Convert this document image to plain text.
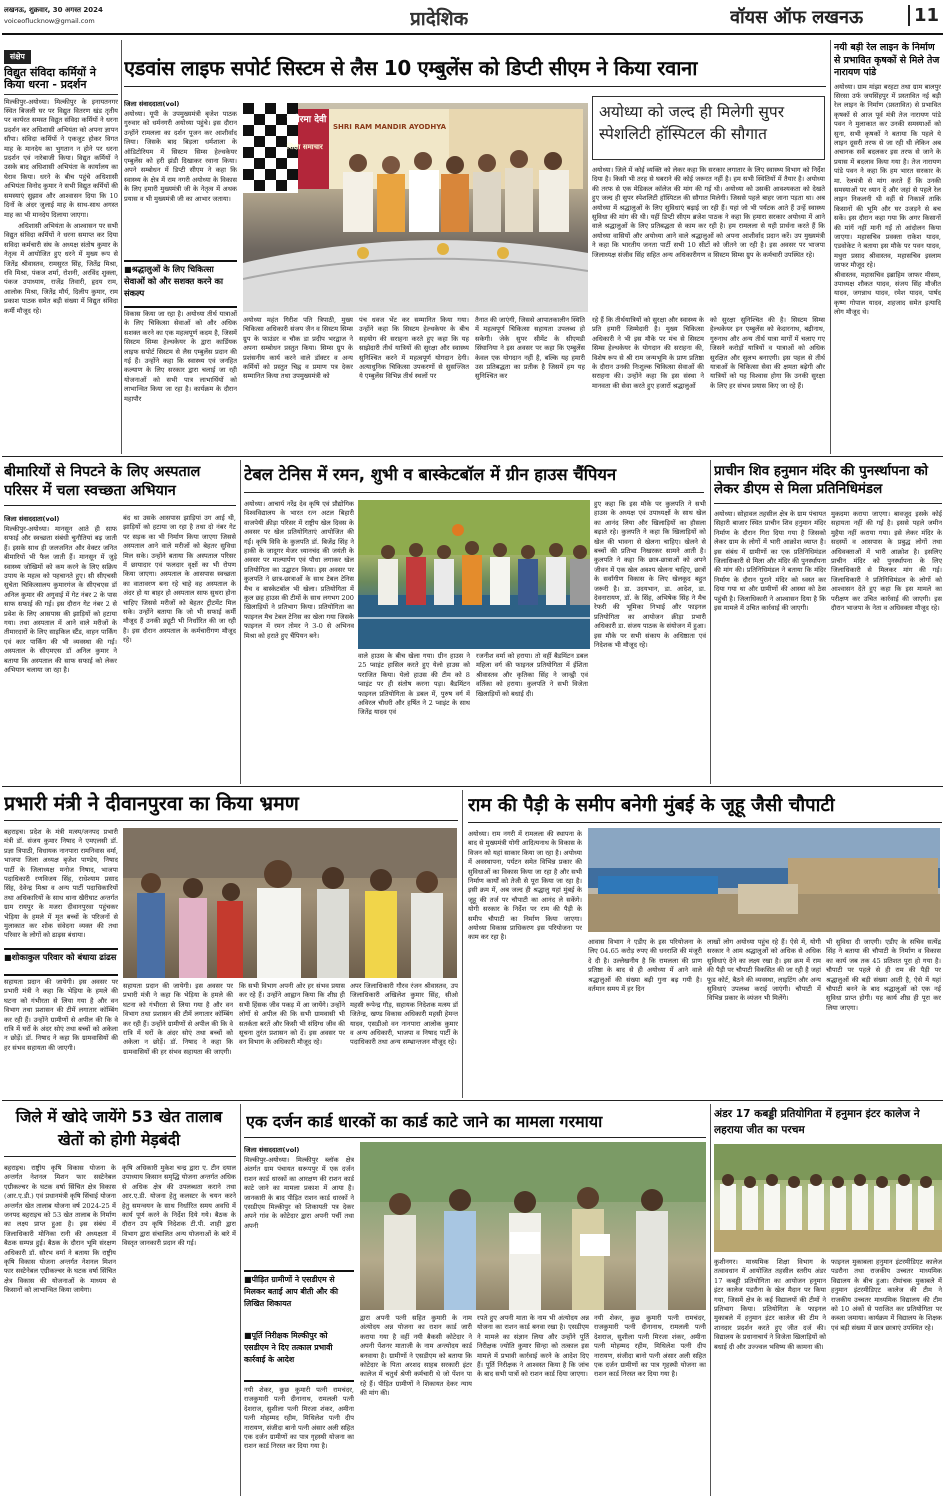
लखनऊ, शुक्रवार, 30 अगस्त 2024
voiceoflucknow@gmail.com	प्रादेशिक	वॉयस ऑफ लखनऊ	11
संक्षेप
विद्युत संविदा कर्मियों ने किया धरना - प्रदर्शन
मिल्कीपुर-अयोध्या। मिल्कीपुर के इनायतनगर स्थित बिजली घर पर विद्युत वितरण खंड तृतीय पर कार्यरत समस्त विद्युत संविदा कर्मियों ने धरना प्रदर्शन कर अधिशासी अभियंता को अपना ज्ञापन सौंपा। संविदा कर्मियों ने एकजुट होकर विगत माह के मानदेय का भुगतान न होने पर धरना प्रदर्शन एवं नारेबाजी किया। विद्युत कर्मियों ने उसके बाद अधिशासी अभियंता के कार्यालय का घेराव किया। धरने के बीच पहुंचे अधिशासी अभियंता विनोद कुमार ने सभी विद्युत कर्मियों की समस्याएं सुझाव और आश्वासन दिया कि 10 दिनों के अंदर जुलाई माह के साथ-साथ अगस्त माह का भी मानदेय दिलाया जाएगा।
अधिशासी अभियंता के आश्वासन पर सभी विद्युत संविदा कर्मियों ने धरना समाप्त कर दिया सविदा कर्मचारी संघ के अध्यक्ष संतोष कुमार के नेतृत्व में आयोजित हुए धरने में मुख्य रूप से जितेंद्र श्रीवास्तव, रामसुरत सिंह, जितेंद्र मिश्रा, रवि मिश्रा, पंकज शर्मा, रोशनी, अरविंद शुक्ला, पंकज उपाध्याय, राजेंद्र तिवारी, हृदय राम, आलोक मिश्रा, जितेंद्र मौर्य, दिलीप कुमार, राम प्रकाश पाठक समेत बड़ी संख्या में विद्युत संविदा कर्मी मौजूद रहे।
एडवांस लाइफ सपोर्ट सिस्टम से लैस 10 एम्बुलेंस को डिप्टी सीएम ने किया रवाना
जिला संवाददाता(vol)
अयोध्या। यूपी के उपमुख्यमंत्री बृजेश पाठक गुरुवार को धर्मनगरी अयोध्या पहुंचे। इस दौरान उन्होंने रामलला का दर्शन पूजन कर आशीर्वाद लिया। जिसके बाद बिड़ला धर्मशाला के ऑडिटोरियम में सिस्टम सिम्स हेल्थकेयर एम्बुलेंस को हरी झंडी दिखाकर रवाना किया। अपने सम्बोधन में डिप्टी सीएम ने कहा कि स्वास्थ्य के क्षेत्र में राम नगरी अयोध्या के विकास के लिए हमारी मुख्यमंत्री जी के नेतृत्व में अथक प्रयास व भी मुख्यमंत्री जी का आभार जताया।
विकास किया जा रहा है। अयोध्या तीर्थ यात्राओं के लिए चिकित्सा सेवाओं को और अधिक सशक्त करने का एक महत्वपूर्ण कदम है, जिसमें सिस्टम सिम्स हेल्थकेयर के द्वारा कार्डियक लाइफ सपोर्ट सिस्टम से लैस एम्बुलेंस प्रदान की गई हैं। उन्होंने कहा कि स्वास्थ्य एवं जनहित कल्याण के लिए सरकार द्वारा चलाई जा रही योजनाओं को सभी पात्र लाभार्थियों को लाभान्वित किया जा रहा है। कार्यक्रम के दौरान महापौर
■श्रद्धालुओं के लिए चिकित्सा सेवाओं को और सशक्त करने का संकल्प
मनोरमा देवी
शिक्षा समाचार
SHRI RAM MANDIR AYODHYA
अयोध्या महंत गिरीश पति त्रिपाठी, मुख्य चिकित्सा अधिकारी संजय जैन व सिस्टम सिम्स ग्रुप के फाउंडर व चौक डा प्रदीप भरद्वाज ने अपना सम्बोधन प्रस्तुत किया। सिम्स ग्रुप के प्रशंसनीय कार्य करने वाले डॉक्टर व अन्य कर्मियों को प्रस्तुत चिह्न व प्रमाण पत्र देकर सम्मानित किया तथा उपमुख्यमंत्री को
पंच धवज भेंट कर सम्मानित किया गया। उन्होंने कहा कि सिस्टम हेल्थकेयर के बीच सहयोग की सराहना करते हुए कहा कि यह साझेदारी तीर्थ यात्रियों की सुरक्षा और स्वास्थ्य सुनिश्चित करने में महत्वपूर्ण योगदान देगी। अत्याधुनिक चिकित्सा उपकरणों से सुसज्जित ये एम्बुलेंस विभिन्न तीर्थ स्थलों पर
तैनात की जाएंगी, जिससे आपातकालीन स्थिति में महत्वपूर्ण चिकित्सा सहायता उपलब्ध हो सकेगी। जेके सुपर सीमेंट के सीएमडी सिंघानिया ने इस अवसर पर कहा कि एम्बुलेंस केवल एक योगदान नहीं है, बल्कि यह हमारी उस प्रतिबद्धता का प्रतीक है जिसमें हम यह सुनिश्चित कर
अयोध्या को जल्द ही मिलेगी सुपर स्पेशलिटी हॉस्पिटल की सौगात
अयोध्या। जिले में कोई व्यक्ति को लेकर कहा कि सरकार लगातार के लिए स्वास्थ्य विभाग को निर्देश दिया है। किसी भी तरह से घबराने की कोई जरूरत नहीं है। हम सभी स्थितियों में तैयार है। अयोध्या की तरफ से एक मेडिकल कॉलेज की मांग की गई थी। अयोध्या को उसकी आवश्यकता को देखते हुए जल्द ही सुपर स्पेशलिटी हॉस्पिटल की सौगात मिलेगी। जिससे पहले बाहर जाना पड़ता था। अब अयोध्या में श्रद्धालुओं के लिए सुविधाएं बढ़ाई जा रही हैं। यहां जो भी पर्यटक आते हैं उन्हें स्वास्थ्य सुविधा की मांग की थी। यहीं डिप्टी सीएम ब्रजेश पाठक ने कहा कि हमारा सरकार अयोध्या में आने वाले श्रद्धालुओं के लिए प्रतिबद्धता से काम कर रही है। हम रामलला से यही प्रार्थना करते हैं कि अयोध्या वासियों और अयोध्या आने वाले श्रद्धालुओं को अपना आशीर्वाद प्रदान करें। उप मुख्यमंत्री ने कहा कि भारतीय जनता पार्टी सभी 10 सीटों को जीतने जा रही है। इस अवसर पर भाजपा जिलाध्यक्ष संजीव सिंह सहित अन्य अधिकारीगण व सिस्टम सिम्स ग्रुप के कर्मचारी उपस्थित रहे।
रहे हैं कि तीर्थयात्रियों को सुरक्षा और स्वास्थ्य के प्रति हमारी जिम्मेदारी है। मुख्य चिकित्सा अधिकारी ने भी इस मौके पर मंच से सिस्टम सिम्स हेल्थकेयर के योगदान की सराहना की, विशेष रूप से श्री राम जन्मभूमि के प्राण प्रतिष्ठा के दौरान उनकी निःशुल्क चिकित्सा सेवाओं की सराहना की। उन्होंने कहा कि इस संस्था ने मानवता की सेवा करते हुए हजारों श्रद्धालुओं
को सुरक्षा सुनिश्चित की है। सिस्टम सिम्स हेल्थकेयर इन एम्बुलेंस को केदारनाथ, बद्रीनाथ, गुरुनाथ और अन्य तीर्थ यात्रा मार्गों में चलाए गए जिसने करोड़ों यात्रियों व यात्राओं को अधिक सुरक्षित और सुलभ बनाएगी। इस पहल से तीर्थ यात्राओं के चिकित्सा सेवा की क्षमता बढ़ेगी और यात्रियों को यह विश्वास होगा कि उनकी सुरक्षा के लिए हर संभव प्रयास किए जा रहे हैं।
नयी बड़ी रेल लाइन के निर्माण से प्रभावित कृषकों से मिले तेज नारायण पांडे
अयोध्या। ग्राम मांझा बरहटा तथा ग्राम बालपुर सिरसा उर्फ जयसिंहपुर में प्रस्तावित नई बड़ी रेल लाइन के निर्माण (प्रस्तावित) से प्रभावित कृषकों से आज पूर्व मंत्री तेज नारायण पांडे पवन ने मुलाकात कर उनकी समस्याओं को सुना, सभी कृषकों ने बताया कि पहले ये लाइन दूसरी तरफ से जा रही थी लेकिन अब अचानक सर्वे बदलकर इस तरफ से जाने के प्रयास में बदलाव किया गया है। तेज नारायण पांडे पवन ने कहा कि हम भारत सरकार के मा. रेलमंत्री से मांग करते हैं कि उनकी समस्याओं पर ध्यान दें और जहां से पहले रेल लाइन निकलनी थी वहीं से निकालें ताकि किसानों की भूमि और घर उजड़ने से बच सकें। इस दौरान कहा गया कि अगर किसानों की मांगें नहीं मानी गईं तो आंदोलन किया जाएगा। महासचिव प्रवक्ता राकेश यादव, एडवोकेट ने बताया इस मौके पर पवन यादव, मथुरा प्रसाद श्रीवास्तव, महासचिव इस्लाम जाफर मौजूद रहे।
श्रीवास्तव, महासचिव इब्राहिम जाफर मीसम, उपाध्यक्ष शौकत यादव, संजय सिंह मौजीत यादव, जगन्नाथ यादव, रमेश यादव, पार्षद कृष्ण गोपाल यादव, शहजाद समेत इत्यादि लोग मौजूद थे।
बीमारियों से निपटने के लिए अस्पताल परिसर में चला स्वच्छता अभियान
जिला संवाददाता(vol)
मिल्कीपुर-अयोध्या। मानसून आते ही साफ सफाई और स्वच्छता संबंधी चुनौतियां बढ़ जाती हैं। इसके साथ ही जलजनित और वेक्टर जनित बीमारियों भी फैल जाती हैं। मानसून में जुड़े स्वास्थ्य जोखिमों को कम करने के लिए सक्रिय उपाय के महत्व को पहचानते हुए। सी सीएचसी सुचेता चिकित्सालय कुमारगंज के सीएचएस डॉ अनिल कुमार की अगुवाई में गेट नंबर 2 के पास साफ सफाई की गई। इस दौरान गेट नंबर 2 से प्रवेश के लिए आसपास की झाड़ियों को हटाया गया। तथा अस्पताल में आने वाले मरीजों के तीमारदारों के लिए साइकिल स्टैंड, वाहन पार्किंग एवं कार पार्किंग की भी व्यवस्था की गई। अस्पताल के सीएमएस डॉ अनिल कुमार ने बताया कि अस्पताल की साफ सफाई को लेकर अभियान चलाया जा रहा है।
बंद था उसके आसपास झाड़ियां उग आई थी, झाड़ियों को हटाया जा रहा है तथा दो नंबर गेट पर सड़क का भी निर्माण किया जाएगा जिससे अस्पताल आने वाले मरीजों को बेहतर सुविधा मिल सके। उन्होंने बताया कि अस्पताल परिसर में छायादार एवं फलदार वृक्षों का भी रोपण किया जाएगा। अस्पताल के आसपास स्वच्छता का वातावरण बना रहे चाहे वह अस्पताल के अंदर हो या बाहर हो अस्पताल साफ सुथरा होना चाहिए जिससे मरीजों को बेहतर ट्रीटमेंट मिल सके। उन्होंने बताया कि जो भी सफाई कर्मी मौजूद हैं उनकी ड्यूटी भी निर्धारित की जा रही है। इस दौरान अस्पताल के कर्मचारीगण मौजूद रहे।
टेबल टेनिस में रमन, शुभी व बास्केटबॉल में ग्रीन हाउस चैंपियन
अयोध्या। आचार्य नरेंद्र देव कृषि एवं प्रौद्योगिक विश्वविद्यालय के भारत रत्न अटल बिहारी वाजपेयी क्रीड़ा परिसर में राष्ट्रीय खेल दिवस के अवसर पर खेल प्रतियोगिताएं आयोजित की गईं। कृषि विवि के कुलपति डॉ. बिजेंद्र सिंह ने हाकी के जादूगर मेजर ध्यानचंद की जयंती के अवसर पर माल्यार्पण एवं पौधा लगाकर खेल प्रतियोगिता का उद्घाटन किया। इस अवसर पर कुलपति ने छात्र-छात्राओं के साथ टेबल टेनिस मैच व बास्केटबॉल भी खेला। प्रतियोगिता में कुल छह हाउस की टीमों के साथ लगभग 200 खिलाड़ियों ने प्रतिभाग किया। प्रतियोगिता का फाइनल मैच टेबल टेनिस का खेला गया जिसके फाइनल में रमन तोमर ने 3-0 से अभिनव मिश्रा को हराते हुए चैंपियन बने।
वाले हाउस के बीच खेला गया। ग्रीन हाउस ने 25 प्वाइंट हासिल करते हुए येलो हाउस को पराजित किया। येलो हाउस की टीम को 8 प्वाइंट पर ही संतोष करना पड़ा। बैडमिंटन फाइनल प्रतियोगिता के डबल में, पुरुष वर्ग में अविरल चौधरी और हर्षित ने 2 प्वाइंट के साथ जितेंद्र यादव एवं
रजनीश वर्मा को हराया। तो वहीं बैडमिंटन डबल महिला वर्ग की फाइनल प्रतियोगिता में ईशिता श्रीवास्तव और कृतिका सिंह ने जान्ह्वी एवं वर्तिका को हराया। कुलपति ने सभी विजेता खिलाड़ियों को बधाई दी।
हुए कहा कि इस मौके पर कुलपति ने सभी हाउस के अध्यक्ष एवं उपाध्यक्षों के साथ खेल का आनंद लिया और खिलाड़ियों का हौसला बढ़ाते रहे। कुलपति ने कहा कि खिलाड़ियों को खेल की भावना से खेलना चाहिए। खेलने से बच्चों की प्रतिभा निखरकर सामने आती है। कुलपति ने कहा कि छात्र-छात्राओं को अपने जीवन में एक खेल अवश्य खेलना चाहिए, छात्रों के सर्वांगीण विकास के लिए खेलकूद बहुत जरूरी है। डा. उदयभान, डा. आदेश, डा. देवनारायण, डॉ. के सिंह, अभिषेक सिंह ने मैच रेफरी की भूमिका निभाई और फाइनल प्रतियोगिता का आयोजन क्रीड़ा प्रभारी अधिकारी डा. संजय पाठक के संयोजन में हुआ। इस मौके पर सभी संकाय के अधिष्ठाता एवं निदेशक भी मौजूद रहे।
प्राचीन शिव हनुमान मंदिर की पुनर्स्थापना को लेकर डीएम से मिला प्रतिनिधिमंडल
अयोध्या। सोहावल तहसील क्षेत्र के ग्राम पंचायत सिहारी बाजार स्थित प्राचीन शिव हनुमान मंदिर निर्माण के दौरान गिरा दिया गया है जिसको लेकर ग्राम के लोगों में भारी आक्रोश व्याप्त है। इस संबंध में ग्रामीणों का एक प्रतिनिधिमंडल जिलाधिकारी से मिला और मंदिर की पुनर्स्थापना की मांग की। प्रतिनिधिमंडल ने बताया कि मंदिर निर्माण के दौरान पुराने मंदिर को ध्वस्त कर दिया गया था और ग्रामीणों की आस्था को ठेस पहुंची है। जिलाधिकारी ने आश्वासन दिया है कि इस मामले में उचित कार्रवाई की जाएगी।
मुकदमा कराया जाएगा। बावजूद इसके कोई सहायता नहीं की गई है। इससे पहले जमीन मुहैया नहीं कराया गया। इसे लेकर मंदिर के सदस्यों व आसपास के प्रबुद्ध लोगों तथा अधिवक्ताओं में भारी आक्रोश है। इसलिए प्राचीन मंदिर को पुनर्स्थापना के लिए जिलाधिकारी से मिलकर मांग की गई। जिलाधिकारी ने प्रतिनिधिमंडल के लोगों को आश्वासन देते हुए कहा कि इस मामले का परीक्षण कर उचित कार्रवाई की जाएगी। इस दौरान भाजपा के नेता व अधिवक्ता मौजूद रहे।
प्रभारी मंत्री ने दीवानपुरवा का किया भ्रमण
बहराइच। प्रदेश के मंत्री मत्स्य/जनपद प्रभारी मंत्री डॉ. संजय कुमार निषाद ने एमएलसी डॉ. प्रज्ञा त्रिपाठी, विधायक नानपारा रामनिवास वर्मा, भाजपा जिला अध्यक्ष बृजेश पाण्डेय, निषाद पार्टी के जिलाध्यक्ष मनोज निषाद, भाजपा पदाधिकारी रणविजय सिंह, राधेश्याम प्रसाद सिंह, देवेन्द्र मिश्रा व अन्य पार्टी पदाधिकारियों तथा अधिकारियों के साथ थाना खैरीघाट अन्तर्गत ग्राम रायपुर के मजरा दीवानपुरवा पहुंचकर भेड़िया के हमले में मृत बच्चों के परिजनों से मुलाकात कर शोक संवेदना व्यक्त की तथा परिवार के लोगों को ढाढ़स बंधाया।
■शोकाकुल परिवार को बंधाया ढांढस
सहायता प्रदान की जायेगी। इस अवसर पर प्रभारी मंत्री ने कहा कि भेड़िया के हमले की घटना को गंभीरता से लिया गया है और वन विभाग तथा प्रशासन की टीमें लगातार कॉम्बिंग कर रही हैं। उन्होंने ग्रामीणों से अपील की कि वे रात्रि में घरों के अंदर सोएं तथा बच्चों को अकेला न छोड़ें। डॉ. निषाद ने कहा कि ग्रामवासियों की हर संभव सहायता की जाएगी।
सहायता प्रदान की जायेगी। इस अवसर पर प्रभारी मंत्री ने कहा कि भेड़िया के हमले की घटना को गंभीरता से लिया गया है और वन विभाग तथा प्रशासन की टीमें लगातार कॉम्बिंग कर रही हैं। उन्होंने ग्रामीणों से अपील की कि वे रात्रि में घरों के अंदर सोएं तथा बच्चों को अकेला न छोड़ें। डॉ. निषाद ने कहा कि ग्रामवासियों की हर संभव सहायता की जाएगी।
कि सभी विभाग अपनी ओर हर संभव प्रयास कर रहे हैं। उन्होंने आह्वान किया कि शीघ्र ही सभी हिंसक जीव पकड़ में आ जायेंगे। उन्होंने लोगों से अपील की कि सभी ग्रामवासी भी सतर्कता बरतें और किसी भी संदिग्ध जीव की सूचना तुरंत प्रशासन को दें। इस अवसर पर वन विभाग के अधिकारी मौजूद रहे।
अपर जिलाधिकारी गौरव रंजन श्रीवास्तव, उप जिलाधिकारी अखिलेश कुमार सिंह, सीओ महसी रूपेन्द्र गौड़, सहायक निदेशक मत्स्य डॉ जितेन्द्र, खण्ड विकास अधिकारी महसी हेमन्त यादव, एसडीओ वन नानपारा आलोक कुमार व अन्य अधिकारी, भाजपा व निषाद पार्टी के पदाधिकारी तथा अन्य सम्भ्रान्तजन मौजूद रहे।
राम की पैड़ी के समीप बनेगी मुंबई के जूहू जैसी चौपाटी
अयोध्या। राम नगरी में रामलला की स्थापना के बाद से मुख्यमंत्री योगी आदित्यनाथ के विकास के विजन को यहां साकार किया जा रहा है। अयोध्या में अवस्थापना, पर्यटन समेत विभिन्न प्रकार की सुविधाओं का विकास किया जा रहा है और सभी निर्माण कार्यों को तेजी से पूरा किया जा रहा है। इसी क्रम में, अब जल्द ही श्रद्धालु यहां मुंबई के जूहू की तर्ज पर चौपाटी का आनंद ले सकेंगे। योगी सरकार के निर्देश पर राम की पैड़ी के समीप चौपाटी का निर्माण किया जाएगा। अयोध्या विकास प्राधिकरण इस परियोजना पर काम कर रहा है।
आवास विभाग ने एडीए के इस परियोजना के लिए 04.65 करोड़ रुपए की धनराशि की मंजूरी दे दी है। उल्लेखनीय है कि रामलला की प्राण प्रतिष्ठा के बाद से ही अयोध्या में आने वाले श्रद्धालुओं की संख्या बढ़ी गुना बढ़ गयी है। वर्तमान समय में हर दिन
लाखों लोग अयोध्या पहुंच रहे हैं। ऐसे में, योगी सरकार ने आम श्रद्धालुओं को अधिक से अधिक सुविधाएं देने का लक्ष्य रखा है। इस क्रम में राम की पैड़ी पर चौपाटी विकसित की जा रही है जहां फूड कोर्ट, बैठने की व्यवस्था, लाइटिंग और अन्य सुविधाएं उपलब्ध कराई जाएंगी। चौपाटी में विभिन्न प्रकार के व्यंजन भी मिलेंगे।
भी सुविधा दी जाएगी। एडीए के सचिव सत्येंद्र सिंह ने बताया की चौपाटी के निर्माण व विकास का कार्य जब तक 45 प्रतिशत पूरा हो गया है। चौपाटी पर पहले से ही राम की पैड़ी पर श्रद्धालुओं की बड़ी संख्या आती है, ऐसे में यहां चौपाटी बनने के बाद श्रद्धालुओं को एक नई सुविधा प्राप्त होगी। यह कार्य शीघ्र ही पूरा कर लिया जाएगा।
जिले में खोदे जायेंगे 53 खेत तालाब खेतों को होगी मेड़बंदी
बहराइच। राष्ट्रीय कृषि विकास योजना के अन्तर्गत नेशनल मिशन फार सस्टेनेबल एग्रीकल्चर के घटक वर्षा सिंचित क्षेत्र विकास (आर.ए.डी.) एवं प्रधानमंत्री कृषि सिंचाई योजना अन्तर्गत खेत तालाब योजना वर्ष 2024-25 में जनपद बहराइच को 53 खेत तालाब के निर्माण का लक्ष्य प्राप्त हुआ है। इस संबंध में जिलाधिकारी मोनिका रानी की अध्यक्षता में बैठक सम्पन्न हुई। बैठक के दौरान भूमि संरक्षण अधिकारी डॉ. सौरभ वर्मा ने बताया कि राष्ट्रीय कृषि विकास योजना अन्तर्गत नेशनल मिशन फार सस्टेनेबल एग्रीकल्चर के घटक वर्षा सिंचित क्षेत्र विकास की योजनाओं के माध्यम से किसानों को लाभान्वित किया जायेगा।
कृषि अधिकारी मुकेश चन्द्र द्वारा ए. टीन दयाल उपाध्याय किसान समृद्धि योजना अन्तर्गत अधिक से अधिक क्षेत्र की उपलब्धता कराने तथा आर.ए.डी. योजना हेतु कलस्टर के चयन करने हेतु समन्वयन के साथ निर्धारित समय अवधि में कार्य पूर्ण करने के निर्देश दिये गये। बैठक के दौरान उप कृषि निदेशक टी.पी. शाही द्वारा विभाग द्वारा संचालित अन्य योजनाओं के बारे में विस्तृत जानकारी प्रदान की गई।
एक दर्जन कार्ड धारकों का कार्ड काटे जाने का मामला गरमाया
जिला संवाददाता(vol)
मिल्कीपुर-अयोध्या। मिल्कीपुर ब्लॉक क्षेत्र अंतर्गत ग्राम पंचायत सरूपपुर में एक दर्जन राशन कार्ड धारकों का आरक्षण की राशन कार्ड काटे जाने का मामला प्रकाश में आया है। जानकारी के बाद पीड़ित राशन कार्ड धारकों ने एसडीएम मिल्कीपुर को शिकायती पत्र देकर अपने गांव के कोटेदार द्वारा अपनी पर्ची तथा अपनी
■पीड़ित ग्रामीणों ने एसडीएम से मिलकर बताई आप बीती और की लिखित शिकायत
■पूर्ति निरीक्षक मिल्कीपुर को एसडीएम ने दिए तत्काल प्रभावी कार्रवाई के आदेश
नयी शेकर, कुछ कुमारी पत्नी रामचंदर, राजकुमारी पत्नी दीनानाथ, रामलली पत्नी देशराज, सुशीला पत्नी मिरजा शंकर, अमीना पत्नी मोहम्मद रहीम, मिथिलेश पत्नी दीप नारायण, संजीदा बानो पत्नी अंसार अली सहित एक दर्जन ग्रामीणों का पात्र गृहस्थी योजना का राशन कार्ड निरस्त कर दिया गया है।
द्वारा अपनी पत्नी सहित कुमारी के नाम अंत्योदय अन्न योजना का राशन कार्ड जारी कराया गया है वहीं नयी बैकसी कोटेदार ने अपनी पेंशनर माताजी के नाम अन्त्योदय कार्ड बनवाया है। ग्रामीणों ने एसडीएम को बताया कि कोटेदार के पिता अरशद साहब सरकारी इंटर कालेज में चतुर्थ श्रेणी कर्मचारी थे जो पेंशन पा रहे हैं। पीड़ित ग्रामीणों ने शिकायत देकर न्याय की मांग की।
रपते हुए अपनी माता के नाम भी अंत्योदय अन्न योजना का राशन कार्ड बनवा रखा है। एसडीएम ने मामले का संज्ञान लिया और उन्होंने पूर्ति निरीक्षक ज्योति कुमार सिन्हा को तत्काल इस मामले में प्रभावी कार्रवाई करने के आदेश दिए हैं। पूर्ति निरीक्षक ने आश्वस्त किया है कि जांच के बाद सभी पात्रों को राशन कार्ड दिया जाएगा।
नयी शेकर, कुछ कुमारी पत्नी रामचंदर, राजकुमारी पत्नी दीनानाथ, रामलली पत्नी देशराज, सुशीला पत्नी मिरजा शंकर, अमीना पत्नी मोहम्मद रहीम, मिथिलेश पत्नी दीप नारायण, संजीदा बानो पत्नी अंसार अली सहित एक दर्जन ग्रामीणों का पात्र गृहस्थी योजना का राशन कार्ड निरस्त कर दिया गया है।
अंडर 17 कबड्डी प्रतियोगिता में हनुमान इंटर कालेज ने लहराया जीत का परचम
कुशीनगर। माध्यमिक शिक्षा विभाग के तत्वावधान में आयोजित तहसील स्तरीय अंडर 17 कबड्डी प्रतियोगिता का आयोजन हनुमान इंटर कालेज पडरौना के खेल मैदान पर किया गया, जिसमें क्षेत्र के कई विद्यालयों की टीमों ने प्रतिभाग किया। प्रतियोगिता के फाइनल मुकाबले में हनुमान इंटर कालेज की टीम ने शानदार प्रदर्शन करते हुए जीत दर्ज की। विद्यालय के प्रधानाचार्य ने विजेता खिलाड़ियों को बधाई दी और उज्ज्वल भविष्य की कामना की।
फाइनल मुकाबला हनुमान इंटरमीडिएट कालेज पडरौना तथा राजकीय उच्चतर माध्यमिक विद्यालय के बीच हुआ। रोमांचक मुकाबले में हनुमान इंटरमीडिएट कालेज की टीम ने राजकीय उच्चतर माध्यमिक विद्यालय की टीम को 10 अंकों से पराजित कर प्रतियोगिता पर कब्जा जमाया। कार्यक्रम में विद्यालय के शिक्षक एवं बड़ी संख्या में छात्र छात्राएं उपस्थित रहे।
